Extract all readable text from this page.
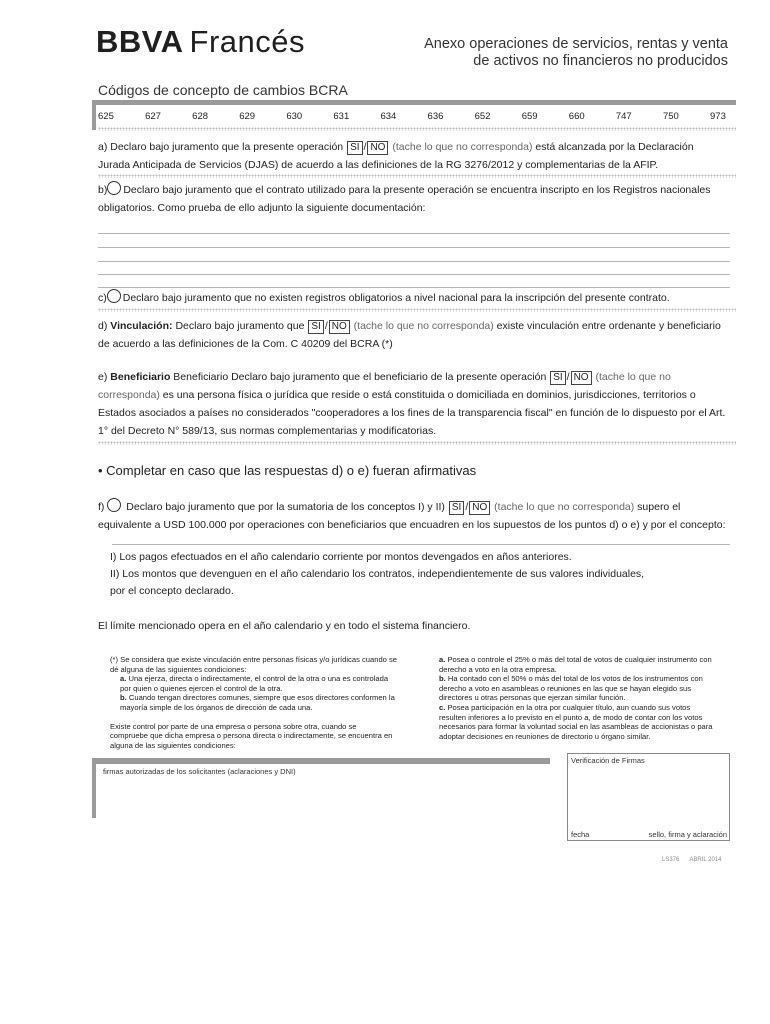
BBVA Francés	Anexo operaciones de servicios, rentas y venta
de activos no financieros no producidos
Códigos de concepto de cambios BCRA
625	627	628	629	630	631	634	636	652	659	660	747	750	973
a) Declaro bajo juramento que la presente operación SI / NO (tache lo que no corresponda) está alcanzada por la Declaración
Jurada Anticipada de Servicios (DJAS) de acuerdo a las definiciones de la RG 3276/2012 y complementarias de la AFIP.
b) Declaro bajo juramento que el contrato utilizado para la presente operación se encuentra inscripto en los Registros nacionales
obligatorios. Como prueba de ello adjunto la siguiente documentación:
c) Declaro bajo juramento que no existen registros obligatorios a nivel nacional para la inscripción del presente contrato.
d) Vinculación: Declaro bajo juramento que SI / NO (tache lo que no corresponda) existe vinculación entre ordenante y beneficiario
de acuerdo a las definiciones de la Com. C 40209 del BCRA (*)
e) Beneficiario Beneficiario Declaro bajo juramento que el beneficiario de la presente operación SI / NO (tache lo que no
corresponda) es una persona física o jurídica que reside o está constituida o domiciliada en dominios, jurisdicciones, territorios o
Estados asociados a países no considerados "cooperadores a los fines de la transparencia fiscal" en función de lo dispuesto por el Art.
1° del Decreto N° 589/13, sus normas complementarias y modificatorias.
• Completar en caso que las respuestas d) o e) fueran afirmativas
f) Declaro bajo juramento que por la sumatoria de los conceptos I) y II) SI / NO (tache lo que no corresponda) supero el
equivalente a USD 100.000 por operaciones con beneficiarios que encuadren en los supuestos de los puntos d) o e) y por el concepto:
I) Los pagos efectuados en el año calendario corriente por montos devengados en años anteriores.
II) Los montos que devenguen en el año calendario los contratos, independientemente de sus valores individuales,
por el concepto declarado.
El límite mencionado opera en el año calendario y en todo el sistema financiero.

(*) Se considera que existe vinculación entre personas físicas y/o jurídicas cuando se

dé alguna de las siguientes condiciones:

a. Una ejerza, directa o indirectamente, el control de la otra o una es controlada

por quien o quienes ejercen el control de la otra.

b. Cuando tengan directores comunes, siempre que esos directores conformen la

mayoría simple de los órganos de dirección de cada una.

Existe control por parte de una empresa o persona sobre otra, cuando se

compruebe que dicha empresa o persona directa o indirectamente, se encuentra en

alguna de las siguientes condiciones:

a. Posea o controle el 25% o más del total de votos de cualquier instrumento con

derecho a voto en la otra empresa.

b. Ha contado con el 50% o más del total de los votos de los instrumentos con

derecho a voto en asambleas o reuniones en las que se hayan elegido sus

directores u otras personas que ejerzan similar función.

c. Posea participación en la otra por cualquier título, aun cuando sus votos

resulten inferiores a lo previsto en el punto a, de modo de contar con los votos

necesarios para formar la voluntad social en las asambleas de accionistas o para

adoptar decisiones en reuniones de directorio u órgano similar.

firmas autorizadas de los solicitantes (aclaraciones y DNI)
Verificación de Firmas
fecha	sello, firma y aclaración
LS376 ABRIL 2014
